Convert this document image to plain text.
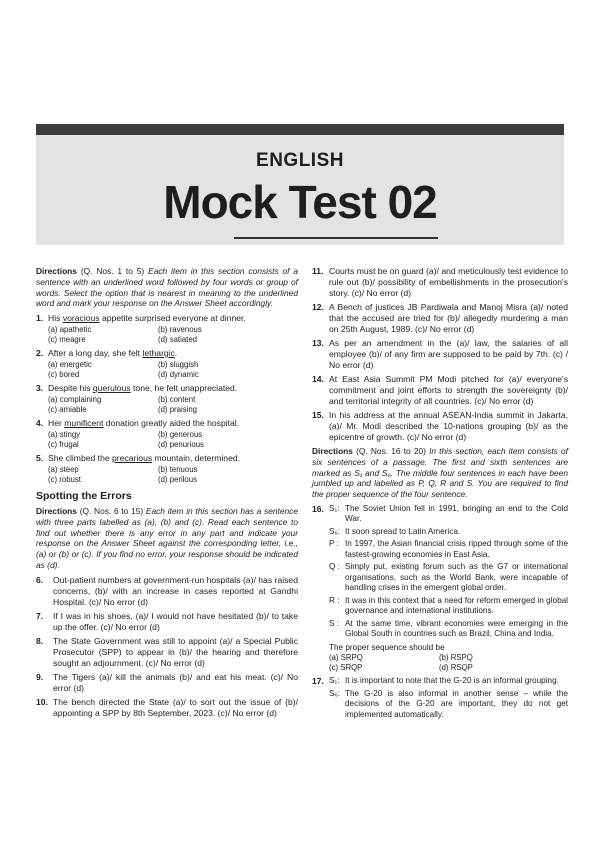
ENGLISH
Mock Test 02

Directions (Q. Nos. 1 to 5) Each item in this section consists of a sentence with an underlined word followed by four words or group of words. Select the option that is nearest in meaning to the underlined word and mark your response on the Answer Sheet accordingly.

1. His voracious appetite surprised everyone at dinner.
(a) apathetic	(b) ravenous
(c) meagre	(d) satiated
2. After a long day, she felt lethargic.
(a) energetic	(b) sluggish
(c) bored	(d) dynamic
3. Despite his querulous tone, he felt unappreciated.
(a) complaining	(b) content
(c) amiable	(d) praising
4. Her munificent donation greatly aided the hospital.
(a) stingy	(b) generous
(c) frugal	(d) penurious
5. She climbed the precarious mountain, determined.
(a) steep	(b) tenuous
(c) robust	(d) perilous
Spotting the Errors

Directions (Q. Nos. 6 to 15) Each item in this section has a sentence with three parts labelled as (a), (b) and (c). Read each sentence to find out whether there is any error in any part and indicate your response on the Answer Sheet against the corresponding letter, i.e., (a) or (b) or (c). If you find no error, your response should be indicated as (d).

6. Out-patient numbers at government-run hospitals (a)/ has raised concerns, (b)/ with an increase in cases reported at Gandhi Hospital. (c)/ No error (d)
7. If I was in his shoes, (a)/ I would not have hesitated (b)/ to take up the offer. (c)/ No error (d)
8. The State Government was still to appoint (a)/ a Special Public Prosecutor (SPP) to appear in (b)/ the hearing and therefore sought an adjournment. (c)/ No error (d)
9. The Tigers (a)/ kill the animals (b)/ and eat his meat. (c)/ No error (d)
10. The bench directed the State (a)/ to sort out the issue of (b)/ appointing a SPP by 8th September, 2023. (c)/ No error (d)
11. Courts must be on guard (a)/ and meticulously test evidence to rule out (b)/ possibility of embellishments in the prosecution's story. (c)/ No error (d)
12. A Bench of justices JB Pardiwala and Manoj Misra (a)/ noted that the accused are tried for (b)/ allegedly murdering a man on 25th August, 1989. (c)/ No error (d)
13. As per an amendment in the (a)/ law, the salaries of all employee (b)/ of any firm are supposed to be paid by 7th. (c) / No error (d)
14. At East Asia Summit PM Modi pitched for (a)/ everyone's commitment and joint efforts to strength the sovereignty (b)/ and territorial integrity of all countries. (c)/ No error (d)
15. In his address at the annual ASEAN-India summit in Jakarta, (a)/ Mr. Modi described the 10-nations grouping (b)/ as the epicentre of growth. (c)/ No error (d)

Directions (Q. Nos. 16 to 20) In this section, each item consists of six sentences of a passage. The first and sixth sentences are marked as S₁ and S₆. The middle four sentences in each have been jumbled up and labelled as P, Q, R and S. You are required to find the proper sequence of the four sentence.

16. S₁: The Soviet Union fell in 1991, bringing an end to the Cold War.
S₆: It soon spread to Latin America.
P : In 1997, the Asian financial crisis ripped through some of the fastest-growing economies in East Asia.
Q : Simply put, existing forum such as the G7 or international organisations, such as the World Bank, were incapable of handling crises in the emergent global order.
R : It was in this context that a need for reform emerged in global governance and international institutions.
S : At the same time, vibrant economies were emerging in the Global South in countries such as Brazil, China and India.
The proper sequence should be
(a) SRPQ	(b) RSPQ
(c) SRQP	(d) RSQP
17. S₁: It is important to note that the G-20 is an informal grouping.
S₆: The G-20 is also informal in another sense – while the decisions of the G-20 are important, they do not get implemented automatically.
